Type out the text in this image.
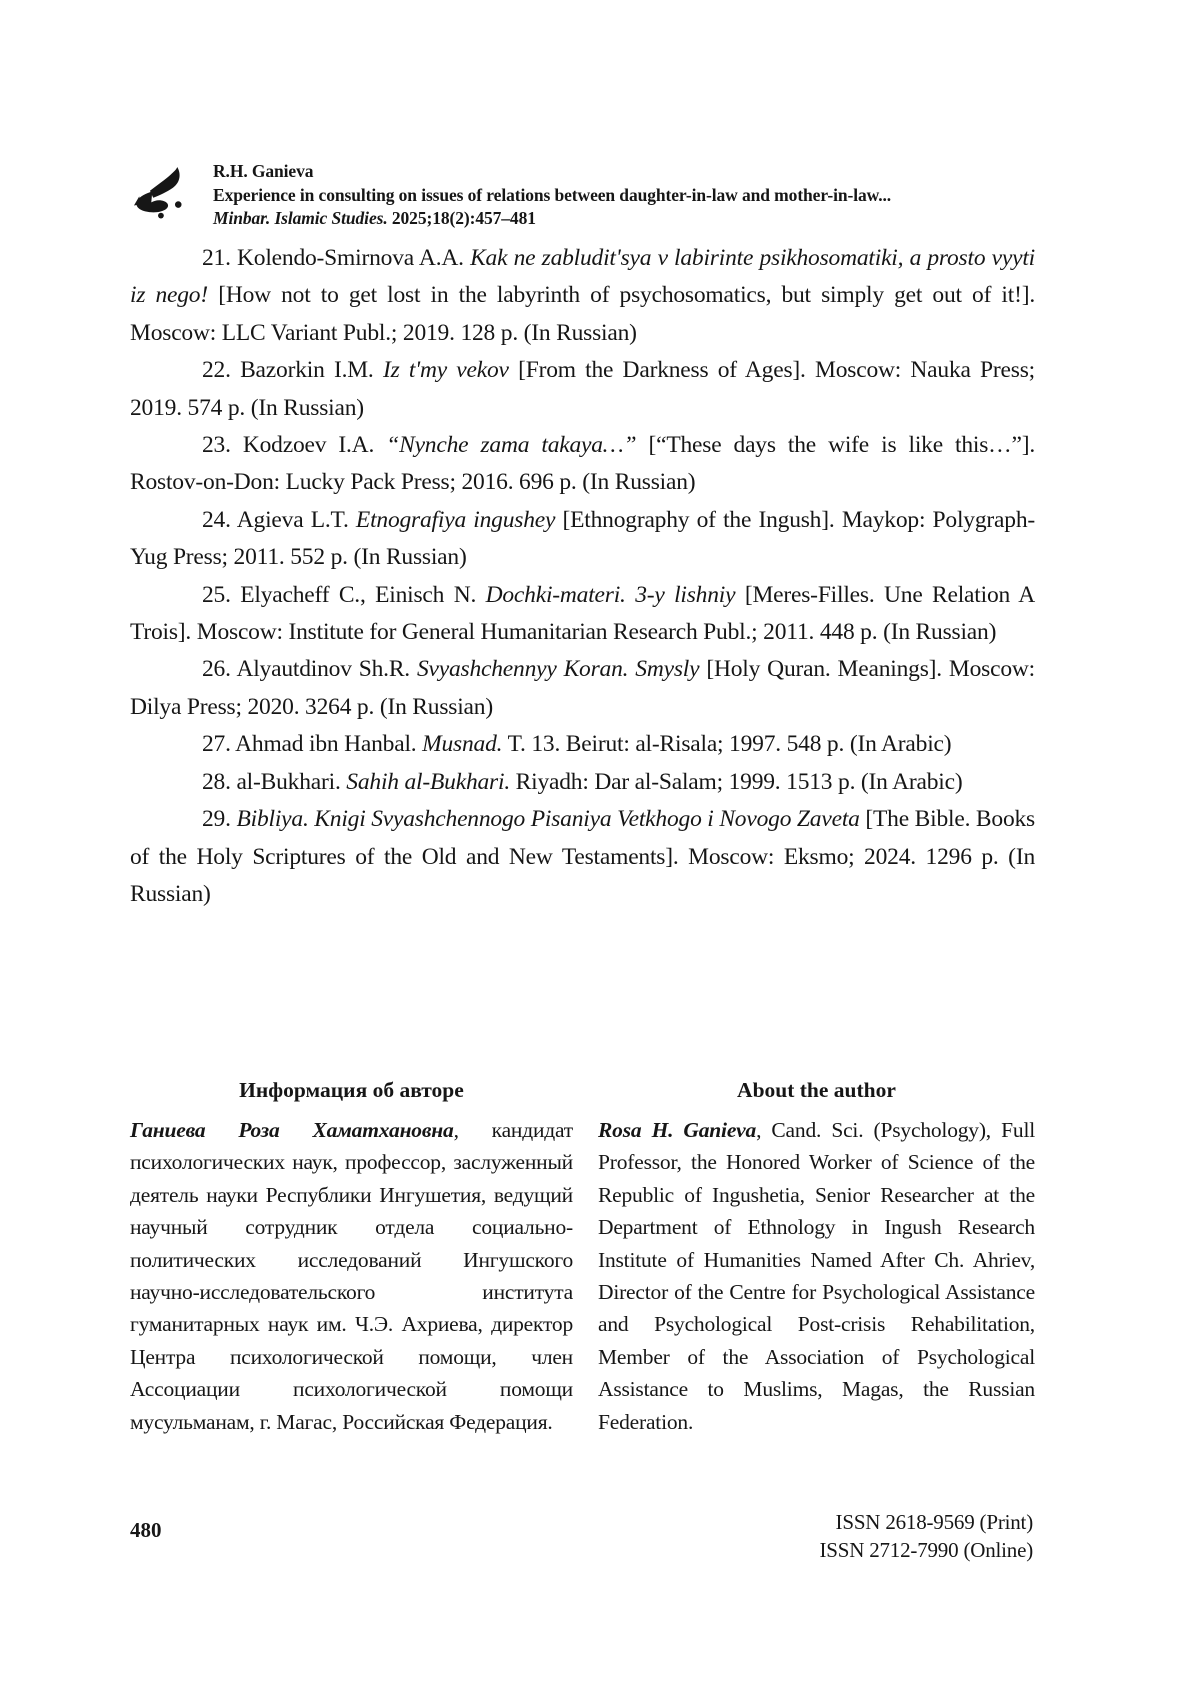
R.H. Ganieva
Experience in consulting on issues of relations between daughter-in-law and mother-in-law...
Minbar. Islamic Studies. 2025;18(2):457–481

21. Kolendo-Smirnova A.A. Kak ne zabludit'sya v labirinte psikhosomatiki, a prosto vyyti iz nego! [How not to get lost in the labyrinth of psychosomatics, but simply get out of it!]. Moscow: LLC Variant Publ.; 2019. 128 p. (In Russian)

22. Bazorkin I.M. Iz t'my vekov [From the Darkness of Ages]. Moscow: Nauka Press; 2019. 574 p. (In Russian)

23. Kodzoev I.A. “Nynche zama takaya…” [“These days the wife is like this…”]. Rostov-on-Don: Lucky Pack Press; 2016. 696 p. (In Russian)

24. Agieva L.T. Etnografiya ingushey [Ethnography of the Ingush]. Maykop: Polygraph-Yug Press; 2011. 552 p. (In Russian)

25. Elyacheff C., Einisch N. Dochki-materi. 3-y lishniy [Meres-Filles. Une Relation A Trois]. Moscow: Institute for General Humanitarian Research Publ.; 2011. 448 p. (In Russian)

26. Alyautdinov Sh.R. Svyashchennyy Koran. Smysly [Holy Quran. Meanings]. Moscow: Dilya Press; 2020. 3264 p. (In Russian)

27. Ahmad ibn Hanbal. Musnad. T. 13. Beirut: al-Risala; 1997. 548 p. (In Arabic)

28. al-Bukhari. Sahih al-Bukhari. Riyadh: Dar al-Salam; 1999. 1513 p. (In Arabic)

29. Bibliya. Knigi Svyashchennogo Pisaniya Vetkhogo i Novogo Zaveta [The Bible. Books of the Holy Scriptures of the Old and New Testaments]. Moscow: Eksmo; 2024. 1296 p. (In Russian)

Информация об авторе

Ганиева Роза Хаматхановна, кандидат психологических наук, профессор, заслуженный деятель науки Республики Ингушетия, ведущий научный сотрудник отдела социально-политических исследований Ингушского научно-исследовательского института гуманитарных наук им. Ч.Э. Ахриева, директор Центра психологической помощи, член Ассоциации психологической помощи мусульманам, г. Магас, Российская Федерация.

About the author

Rosa H. Ganieva, Cand. Sci. (Psychology), Full Professor, the Honored Worker of Science of the Republic of Ingushetia, Senior Researcher at the Department of Ethnology in Ingush Research Institute of Humanities Named After Ch. Ahriev, Director of the Centre for Psychological Assistance and Psychological Post-crisis Rehabilitation, Member of the Association of Psychological Assistance to Muslims, Magas, the Russian Federation.

480	ISSN 2618-9569 (Print)
ISSN 2712-7990 (Online)
